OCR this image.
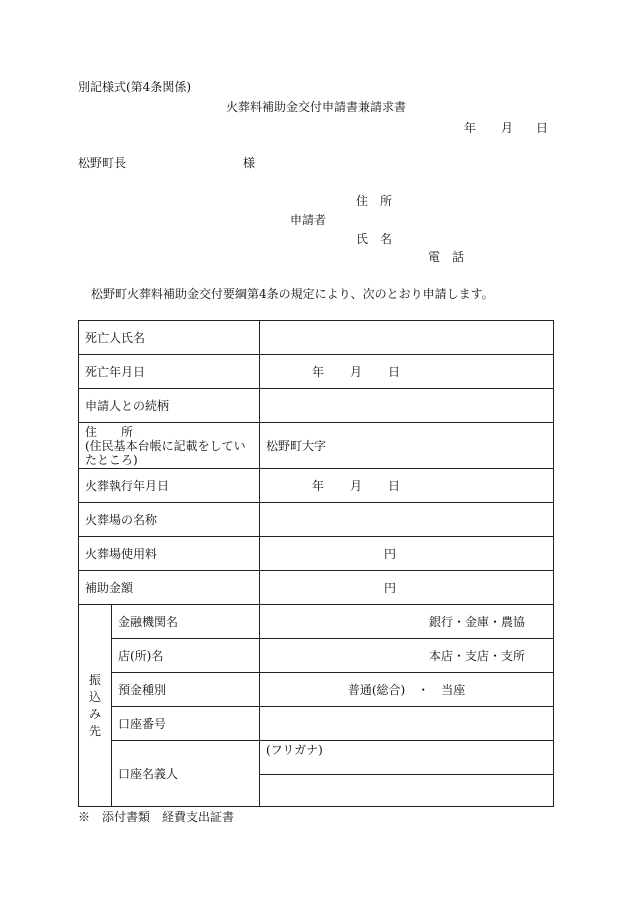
別記様式(第4条関係)
火葬料補助金交付申請書兼請求書
年 月 日
松野町長	様
住　所
申請者
氏　名
電　話
松野町火葬料補助金交付要綱第4条の規定により、次のとおり申請します。
死亡人氏名		
死亡年月日		年 月 日
申請人との続柄		

住　　所
(住民基本台帳に記載をしていたところ)		松野町大字
火葬執行年月日		年 月 日
火葬場の名称		
火葬場使用料		円
補助金額		円

振
込
み
先	金融機関名	銀行・金庫・農協
	店(所)名	本店・支店・支所
	預金種別	普通(総合)　・　当座
	口座番号	
	口座名義人	(フリガナ)

※　添付書類　経費支出証書
